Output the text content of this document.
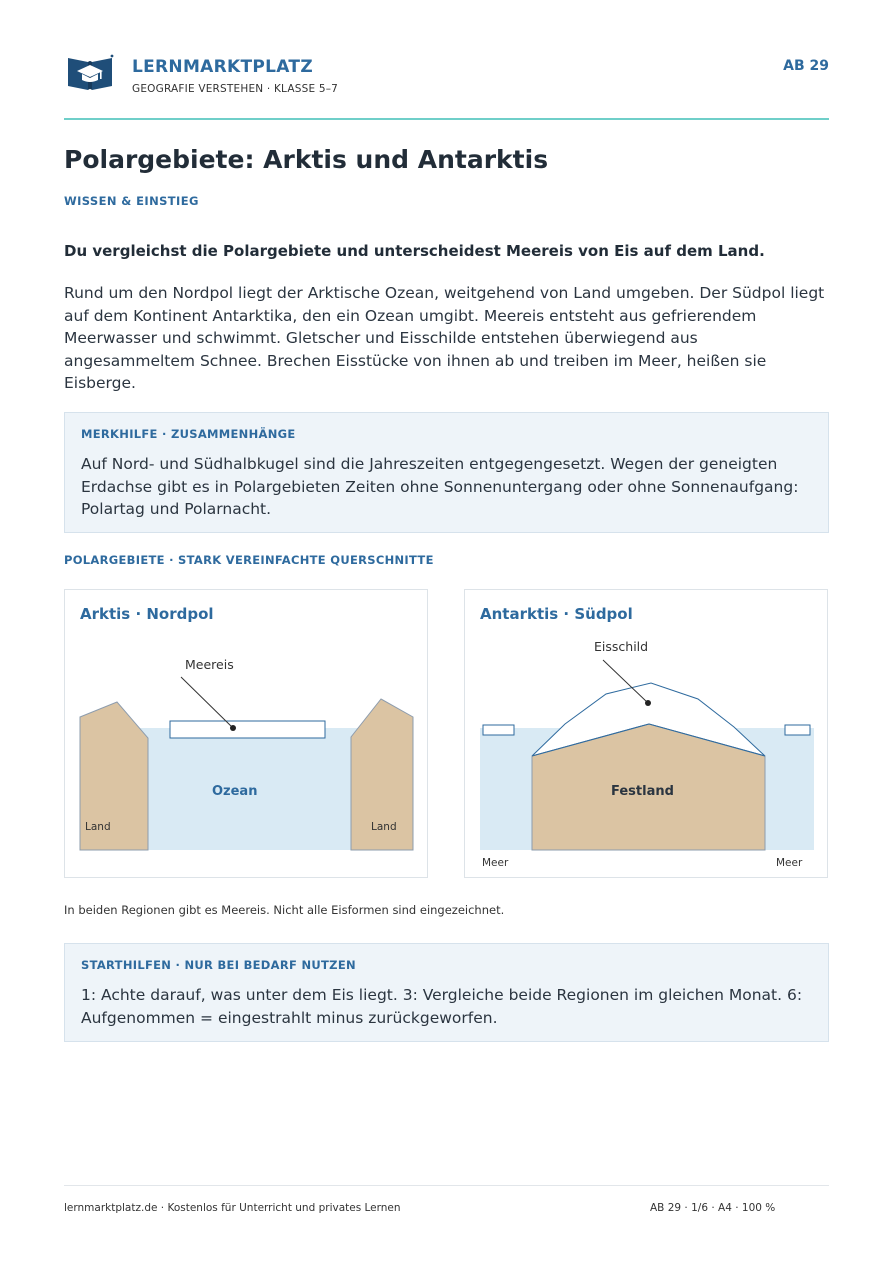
LERNMARKTPLATZ
GEOGRAFIE VERSTEHEN · KLASSE 5–7
AB 29
Polargebiete: Arktis und Antarktis
WISSEN & EINSTIEG

Du vergleichst die Polargebiete und unterscheidest Meereis von Eis auf dem Land.

Rund um den Nordpol liegt der Arktische Ozean, weitgehend von Land umgeben. Der Südpol liegt auf dem Kontinent Antarktika, den ein Ozean umgibt. Meereis entsteht aus gefrierendem Meerwasser und schwimmt. Gletscher und Eisschilde entstehen überwiegend aus angesammeltem Schnee. Brechen Eisstücke von ihnen ab und treiben im Meer, heißen sie Eisberge.

MERKHILFE · ZUSAMMENHÄNGE
Auf Nord- und Südhalbkugel sind die Jahreszeiten entgegengesetzt. Wegen der geneigten Erdachse gibt es in Polargebieten Zeiten ohne Sonnenuntergang oder ohne Sonnenaufgang: Polartag und Polarnacht.
POLARGEBIETE · STARK VEREINFACHTE QUERSCHNITTE
Meereis
Ozean
Land	Land
Arktis · Nordpol
Eisschild
Festland
Meer	Meer
Antarktis · Südpol
In beiden Regionen gibt es Meereis. Nicht alle Eisformen sind eingezeichnet.
STARTHILFEN · NUR BEI BEDARF NUTZEN
1: Achte darauf, was unter dem Eis liegt. 3: Vergleiche beide Regionen im gleichen Monat. 6: Aufgenommen = eingestrahlt minus zurückgeworfen.
lernmarktplatz.de · Kostenlos für Unterricht und privates Lernen	AB 29 · 1/6 · A4 · 100 %
